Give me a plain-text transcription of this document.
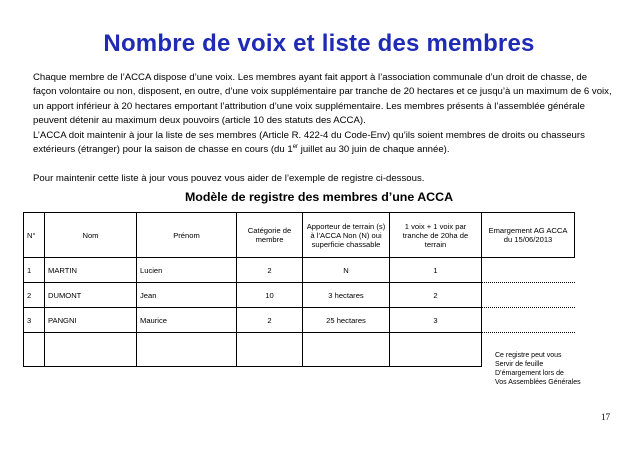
Nombre de voix et liste des membres
Chaque membre de l’ACCA dispose d’une voix. Les membres ayant fait apport à l’association communale d’un droit de chasse, de façon volontaire ou non, disposent, en outre, d’une voix supplémentaire par tranche de 20 hectares et ce jusqu’à un maximum de 6 voix, un apport inférieur à 20 hectares emportant l’attribution d’une voix supplémentaire. Les membres présents à l’assemblée générale peuvent détenir au maximum deux pouvoirs (article 10 des statuts des ACCA).
L’ACCA doit maintenir à jour la liste de ses membres (Article R. 422-4 du Code-Env) qu’ils soient membres de droits ou chasseurs extérieurs (étranger) pour la saison de chasse en cours (du 1er juillet au 30 juin de chaque année).
Pour maintenir cette liste à jour vous pouvez vous aider de l’exemple de registre ci-dessous.
Modèle de registre des membres d’une ACCA
N°	Nom	Prénom	Catégorie de membre	Apporteur de terrain (s) à l’ACCA Non (N) oui superficie chassable	1 voix + 1 voix par tranche de 20ha de terrain	Emargement AG ACCA du 15/06/2013
1	MARTIN	Lucien	2	N	1	
2	DUMONT	Jean	10	3 hectares	2	
3	PANGNI	Maurice	2	25 hectares	3	

Ce registre peut vous
Servir de feuille
D’émargement lors de
Vos Assemblées Générales
17
